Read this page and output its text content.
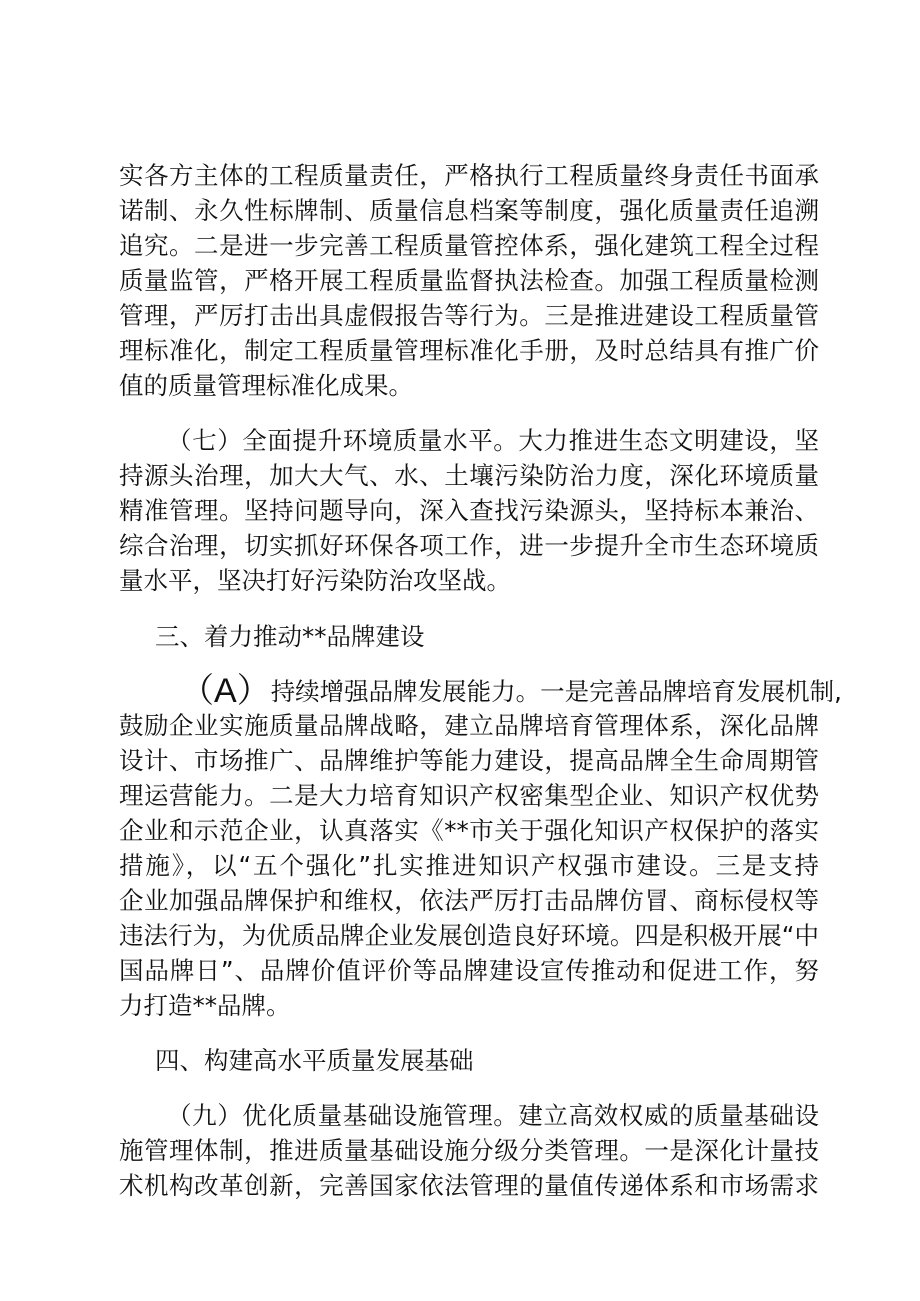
实各方主体的工程质量责任，严格执行工程质量终身责任书面承
诺制、永久性标牌制、质量信息档案等制度，强化质量责任追溯
追究。二是进一步完善工程质量管控体系，强化建筑工程全过程
质量监管，严格开展工程质量监督执法检查。加强工程质量检测
管理，严厉打击出具虚假报告等行为。三是推进建设工程质量管
理标准化，制定工程质量管理标准化手册，及时总结具有推广价
值的质量管理标准化成果。
（七）全面提升环境质量水平。大力推进生态文明建设，坚
持源头治理，加大大气、水、土壤污染防治力度，深化环境质量
精准管理。坚持问题导向，深入查找污染源头，坚持标本兼治、
综合治理，切实抓好环保各项工作，进一步提升全市生态环境质
量水平，坚决打好污染防治攻坚战。
三、着力推动**品牌建设
（A）持续增强品牌发展能力。一是完善品牌培育发展机制,
鼓励企业实施质量品牌战略，建立品牌培育管理体系，深化品牌
设计、市场推广、品牌维护等能力建设，提高品牌全生命周期管
理运营能力。二是大力培育知识产权密集型企业、知识产权优势
企业和示范企业，认真落实《**市关于强化知识产权保护的落实
措施》，以“五个强化”扎实推进知识产权强市建设。三是支持
企业加强品牌保护和维权，依法严厉打击品牌仿冒、商标侵权等
违法行为，为优质品牌企业发展创造良好环境。四是积极开展“中
国品牌日”、品牌价值评价等品牌建设宣传推动和促进工作，努
力打造**品牌。
四、构建高水平质量发展基础
（九）优化质量基础设施管理。建立高效权威的质量基础设
施管理体制，推进质量基础设施分级分类管理。一是深化计量技
术机构改革创新，完善国家依法管理的量值传递体系和市场需求
